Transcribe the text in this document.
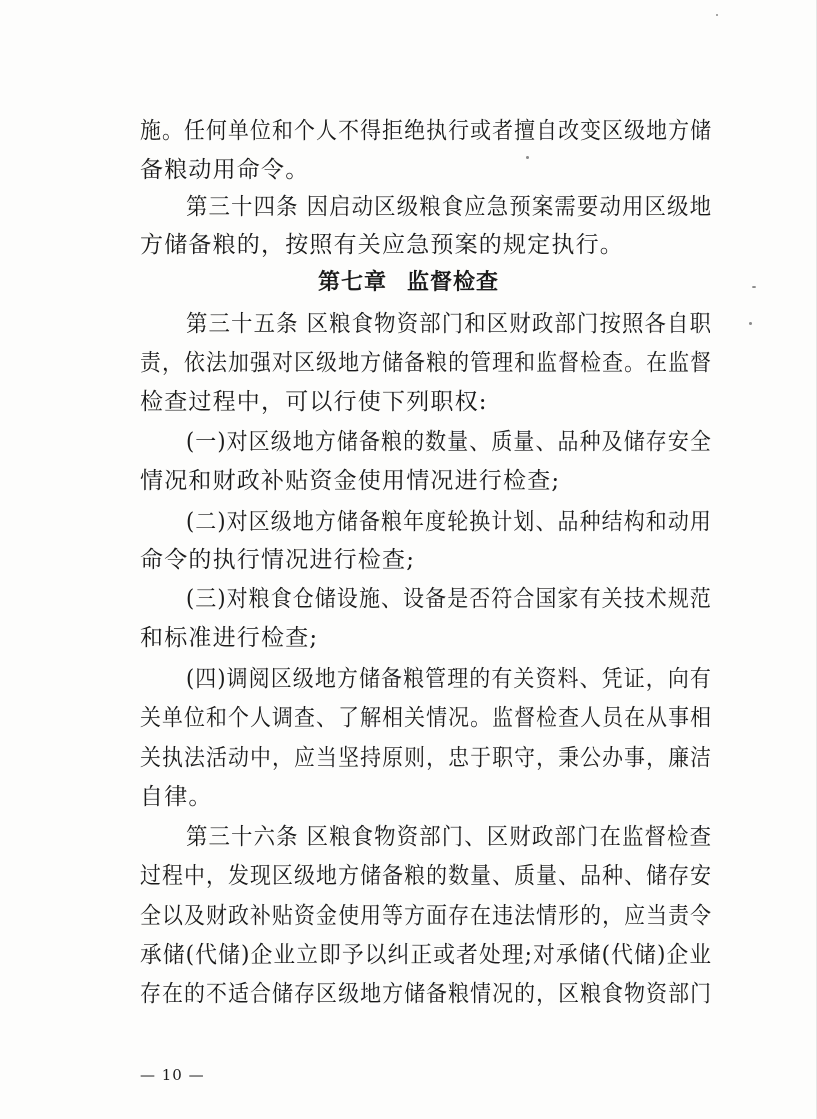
施。任何单位和个人不得拒绝执行或者擅自改变区级地方储
备粮动用命令。
第三十四条 因启动区级粮食应急预案需要动用区级地
方储备粮的，按照有关应急预案的规定执行。
第七章 监督检查
第三十五条 区粮食物资部门和区财政部门按照各自职
责，依法加强对区级地方储备粮的管理和监督检查。在监督
检查过程中，可以行使下列职权:
(一)对区级地方储备粮的数量、质量、品种及储存安全
情况和财政补贴资金使用情况进行检查;
(二)对区级地方储备粮年度轮换计划、品种结构和动用
命令的执行情况进行检查;
(三)对粮食仓储设施、设备是否符合国家有关技术规范
和标准进行检查;
(四)调阅区级地方储备粮管理的有关资料、凭证，向有
关单位和个人调查、了解相关情况。监督检查人员在从事相
关执法活动中，应当坚持原则，忠于职守，秉公办事，廉洁
自律。
第三十六条 区粮食物资部门、区财政部门在监督检查
过程中，发现区级地方储备粮的数量、质量、品种、储存安
全以及财政补贴资金使用等方面存在违法情形的，应当责令
承储(代储)企业立即予以纠正或者处理;对承储(代储)企业
存在的不适合储存区级地方储备粮情况的，区粮食物资部门
— 10 —
